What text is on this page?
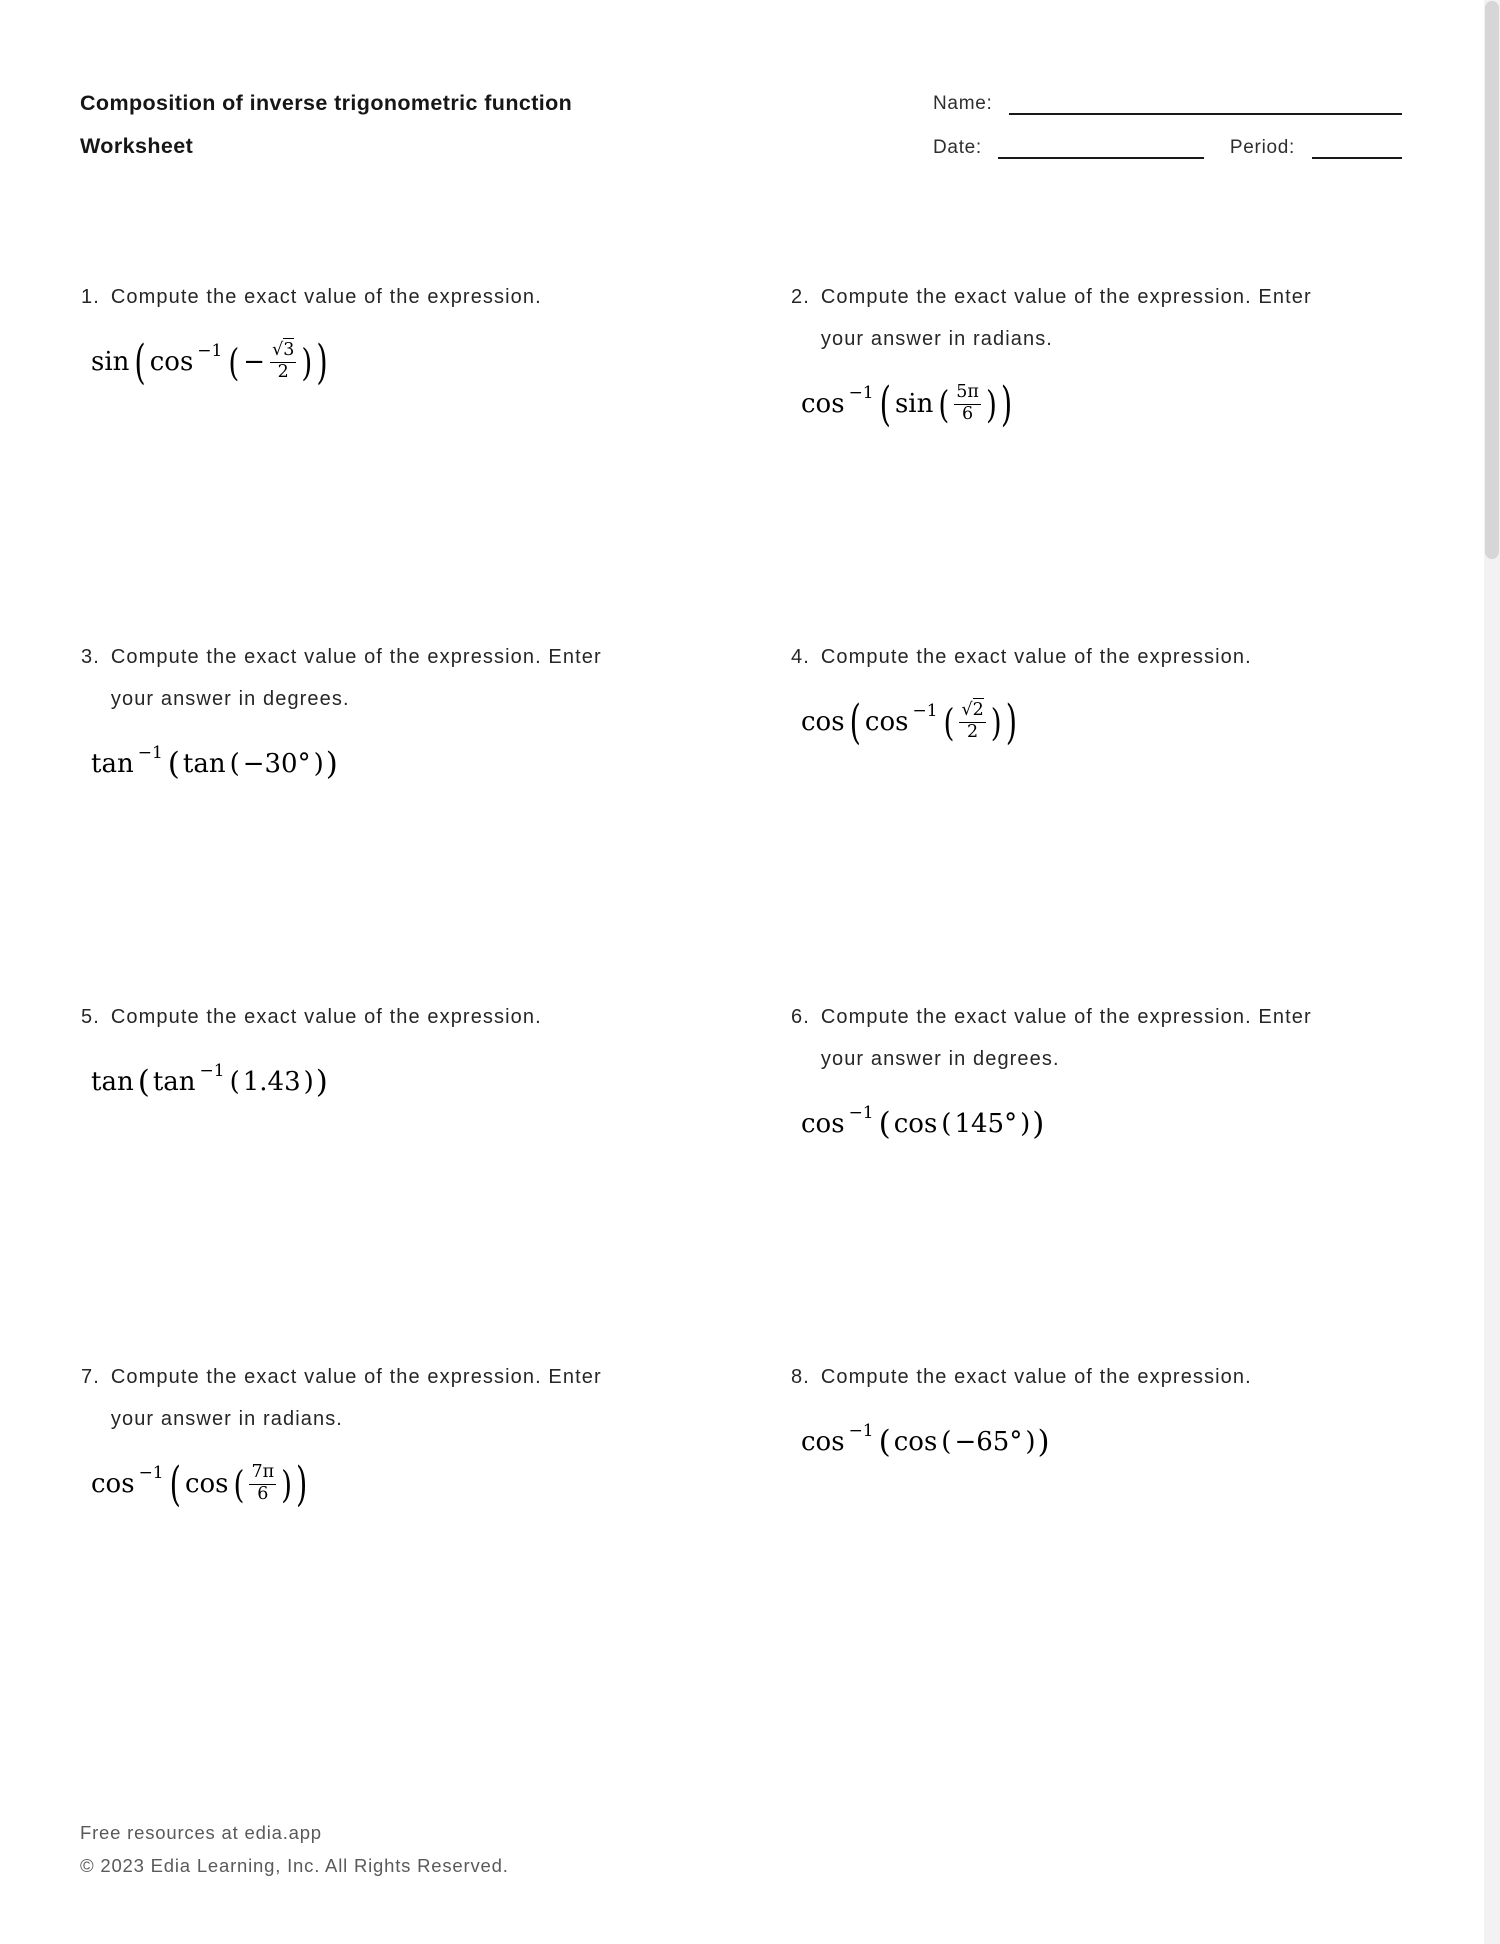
Composition of inverse trigonometric function
Worksheet
Name:
Date:	Period:
1. Compute the exact value of the expression.
sin ( cos −1 ( − $\frac{√3}{2}$ ) )
2. Compute the exact value of the expression. Enter
your answer in radians.
cos −1 ( sin ( $\frac{5\pi}{6}$ ) )
3. Compute the exact value of the expression. Enter
your answer in degrees.
tan −1 ( tan ( −30° ) )
4. Compute the exact value of the expression.
cos ( cos −1 ( $\frac{√2}{2}$ ) )
5. Compute the exact value of the expression.
tan ( tan −1 ( 1.43 ) )
6. Compute the exact value of the expression. Enter
your answer in degrees.
cos −1 ( cos ( 145° ) )
7. Compute the exact value of the expression. Enter
your answer in radians.
cos −1 ( cos ( $\frac{7\pi}{6}$ ) )
8. Compute the exact value of the expression.
cos −1 ( cos ( −65° ) )
Free resources at edia.app
© 2023 Edia Learning, Inc. All Rights Reserved.
